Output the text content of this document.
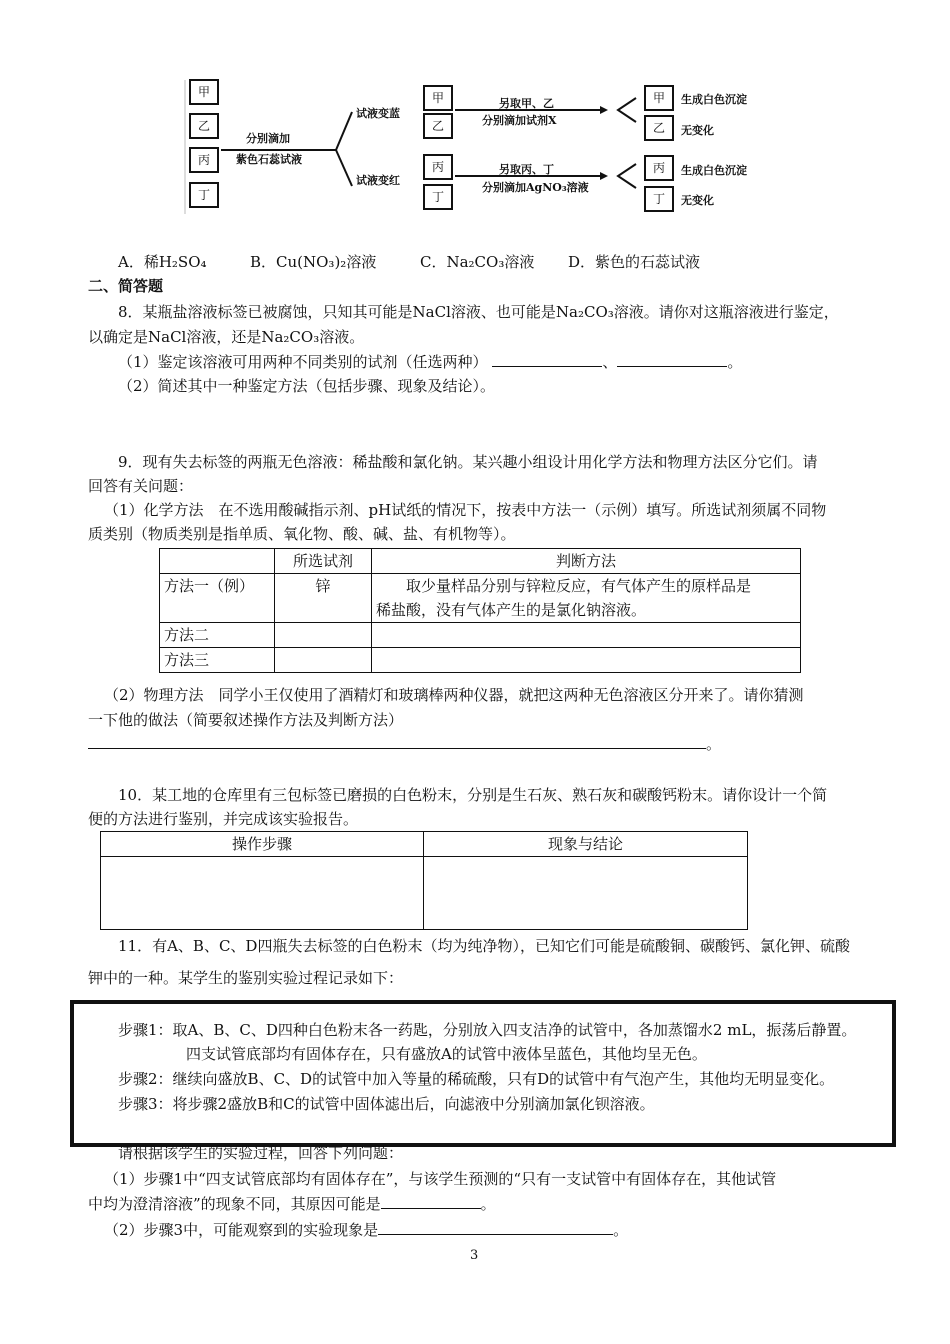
甲
乙
丙
丁
分别滴加
紫色石蕊试液
试液变蓝
试液变红
甲
乙
丙
丁
另取甲、乙
分别滴加试剂X
另取丙、丁
分别滴加AgNO₃溶液
甲
乙
丙
丁
生成白色沉淀
无变化
生成白色沉淀
无变化
A．稀H₂SO₄	B．Cu(NO₃)₂溶液	C．Na₂CO₃溶液 D．紫色的石蕊试液
二、简答题
8．某瓶盐溶液标签已被腐蚀，只知其可能是NaCl溶液、也可能是Na₂CO₃溶液。请你对这瓶溶液进行鉴定，
以确定是NaCl溶液，还是Na₂CO₃溶液。
（1）鉴定该溶液可用两种不同类别的试剂（任选两种）	、	。
（2）简述其中一种鉴定方法（包括步骤、现象及结论）。
9．现有失去标签的两瓶无色溶液：稀盐酸和氯化钠。某兴趣小组设计用化学方法和物理方法区分它们。请
回答有关问题：
（1）化学方法　在不选用酸碱指示剂、pH试纸的情况下，按表中方法一（示例）填写。所选试剂须属不同物
质类别（物质类别是指单质、氧化物、酸、碱、盐、有机物等）。
	所选试剂	判断方法
方法一（例）	锌	取少量样品分别与锌粒反应，有气体产生的原样品是
稀盐酸，没有气体产生的是氯化钠溶液。

方法二		
方法三		
（2）物理方法　同学小王仅使用了酒精灯和玻璃棒两种仪器，就把这两种无色溶液区分开来了。请你猜测
一下他的做法（简要叙述操作方法及判断方法）
。
10．某工地的仓库里有三包标签已磨损的白色粉末，分别是生石灰、熟石灰和碳酸钙粉末。请你设计一个简
便的方法进行鉴别，并完成该实验报告。
操作步骤	现象与结论

11．有A、B、C、D四瓶失去标签的白色粉末（均为纯净物），已知它们可能是硫酸铜、碳酸钙、氯化钾、硫酸
钾中的一种。某学生的鉴别实验过程记录如下：
步骤1：取A、B、C、D四种白色粉末各一药匙，分别放入四支洁净的试管中，各加蒸馏水2 mL，振荡后静置。
四支试管底部均有固体存在，只有盛放A的试管中液体呈蓝色，其他均呈无色。
步骤2：继续向盛放B、C、D的试管中加入等量的稀硫酸，只有D的试管中有气泡产生，其他均无明显变化。
步骤3：将步骤2盛放B和C的试管中固体滤出后，向滤液中分别滴加氯化钡溶液。
请根据该学生的实验过程，回答下列问题：
（1）步骤1中“四支试管底部均有固体存在”，与该学生预测的“只有一支试管中有固体存在，其他试管
中均为澄清溶液”的现象不同，其原因可能是	。
（2）步骤3中，可能观察到的实验现象是	。
3
